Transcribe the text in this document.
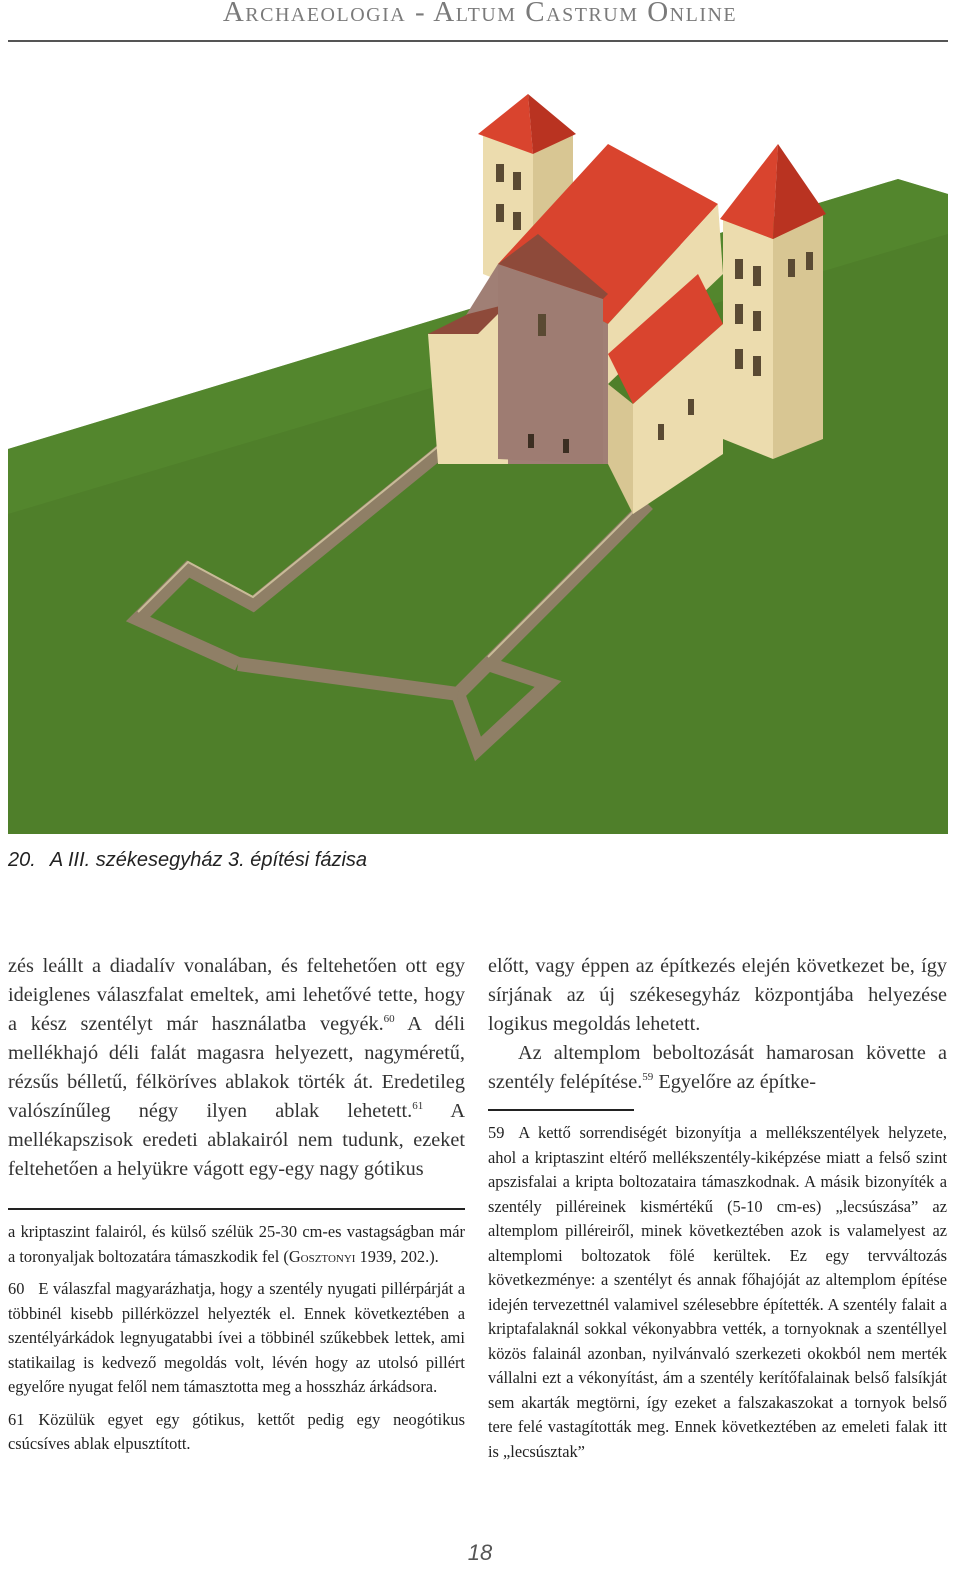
Archaeologia - Altum Castrum Online
20. A III. székesegyház 3. építési fázisa

zés leállt a diadalív vonalában, és feltehetően ott egy ideiglenes válaszfalat emeltek, ami lehetővé tette, hogy a kész szentélyt már használatba vegyék.$^{60}$ A déli mellékhajó déli falát magasra helyezett, nagyméretű, rézsűs bélletű, félköríves ablakok törték át. Eredetileg valószínűleg négy ilyen ablak lehetett.$^{61}$ A mellékapszisok eredeti ablakairól nem tudunk, ezeket feltehetően a helyükre vágott egy-egy nagy gótikus

a kriptaszint falairól, és külső szélük 25-30 cm-es vastagságban már a toronyaljak boltozatára támaszkodik fel (Gosztonyi 1939, 202.).

60 E válaszfal magyarázhatja, hogy a szentély nyugati pillérpárját a többinél kisebb pillérközzel helyezték el. Ennek következtében a szentélyárkádok legnyugatabbi ívei a többinél szűkebbek lettek, ami statikailag is kedvező megoldás volt, lévén hogy az utolsó pillért egyelőre nyugat felől nem támasztotta meg a hosszház árkádsora.

61 Közülük egyet egy gótikus, kettőt pedig egy neogótikus csúcsíves ablak elpusztított.

előtt, vagy éppen az építkezés elején következet be, így sírjának az új székesegyház központjába helyezése logikus megoldás lehetett.

Az altemplom beboltozását hamarosan követte a szentély felépítése.$^{59}$ Egyelőre az építke-

59 A kettő sorrendiségét bizonyítja a mellékszentélyek helyzete, ahol a kriptaszint eltérő mellékszentély-kiképzése miatt a felső szint apszisfalai a kripta boltozataira támaszkodnak. A másik bizonyíték a szentély pilléreinek kismértékű (5-10 cm-es) „lecsúszása” az altemplom pilléreiről, minek következtében azok is valamelyest az altemplomi boltozatok fölé kerültek. Ez egy tervváltozás következménye: a szentélyt és annak főhajóját az altemplom építése idején tervezettnél valamivel szélesebbre építették. A szentély falait a kriptafalaknál sokkal vékonyabbra vették, a tornyoknak a szentéllyel közös falainál azonban, nyilvánvaló szerkezeti okokból nem merték vállalni ezt a vékonyítást, ám a szentély kerítőfalainak belső falsíkját sem akarták megtörni, így ezeket a falszakaszokat a tornyok belső tere felé vastagították meg. Ennek következtében az emeleti falak itt is „lecsúsztak”

18
